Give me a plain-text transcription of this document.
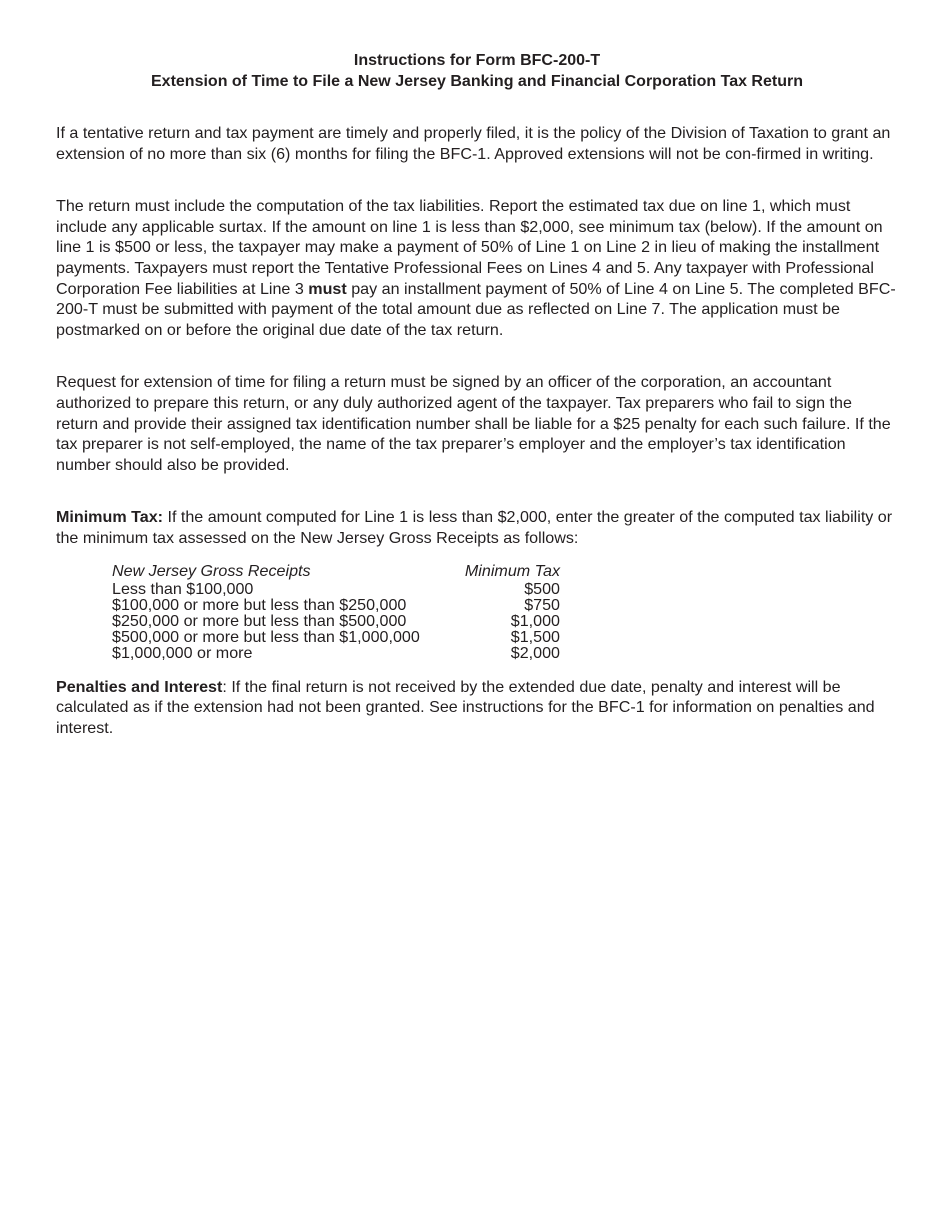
Instructions for Form BFC-200-T

Extension of Time to File a New Jersey Banking and Financial Corporation Tax Return

If a tentative return and tax payment are timely and properly filed, it is the policy of the Division of Taxation to grant an extension of no more than six (6) months for filing the BFC-1. Approved extensions will not be con-firmed in writing.

The return must include the computation of the tax liabilities. Report the estimated tax due on line 1, which must include any applicable surtax. If the amount on line 1 is less than $2,000, see minimum tax (below). If the amount on line 1 is $500 or less, the taxpayer may make a payment of 50% of Line 1 on Line 2 in lieu of making the installment payments. Taxpayers must report the Tentative Professional Fees on Lines 4 and 5. Any taxpayer with Professional Corporation Fee liabilities at Line 3 must pay an installment payment of 50% of Line 4 on Line 5. The completed BFC-200-T must be submitted with payment of the total amount due as reflected on Line 7. The application must be postmarked on or before the original due date of the tax return.

Request for extension of time for filing a return must be signed by an officer of the corporation, an accountant authorized to prepare this return, or any duly authorized agent of the taxpayer. Tax preparers who fail to sign the return and provide their assigned tax identification number shall be liable for a $25 penalty for each such failure. If the tax preparer is not self-employed, the name of the tax preparer’s employer and the employer’s tax identification number should also be provided.

Minimum Tax: If the amount computed for Line 1 is less than $2,000, enter the greater of the computed tax liability or the minimum tax assessed on the New Jersey Gross Receipts as follows:

New Jersey Gross Receipts	Minimum Tax
Less than $100,000	$500
$100,000 or more but less than $250,000	$750
$250,000 or more but less than $500,000	$1,000
$500,000 or more but less than $1,000,000	$1,500
$1,000,000 or more	$2,000

Penalties and Interest: If the final return is not received by the extended due date, penalty and interest will be calculated as if the extension had not been granted. See instructions for the BFC-1 for information on penalties and interest.
